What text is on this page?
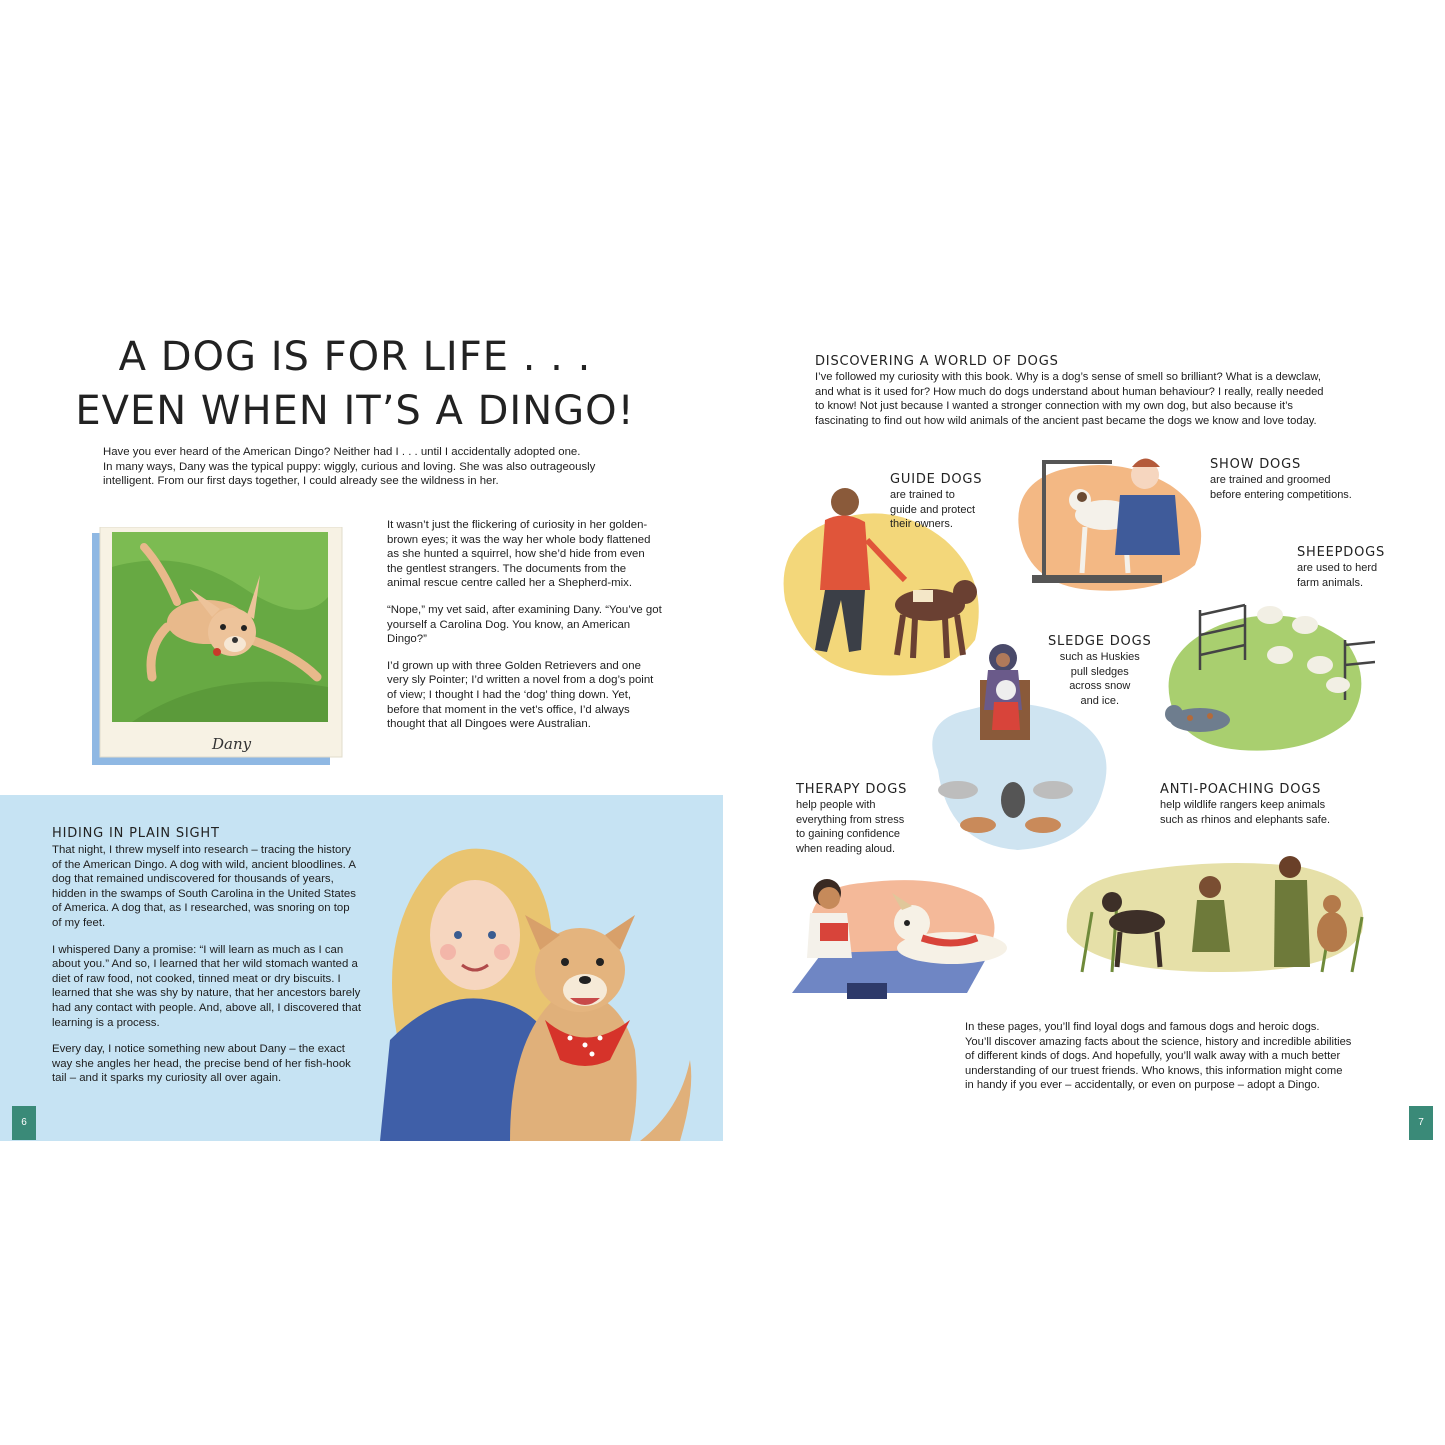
A DOG IS FOR LIFE . . .
EVEN WHEN IT’S A DINGO!
Have you ever heard of the American Dingo? Neither had I . . . until I accidentally adopted one.
In many ways, Dany was the typical puppy: wiggly, curious and loving. She was also outrageously
intelligent. From our first days together, I could already see the wildness in her.
Dany

It wasn’t just the flickering of curiosity in her golden-brown eyes; it was the way her whole body flattened as she hunted a squirrel, how she’d hide from even the gentlest strangers. The documents from the animal rescue centre called her a Shepherd-mix.

“Nope,” my vet said, after examining Dany. “You’ve got yourself a Carolina Dog. You know, an American Dingo?”

I’d grown up with three Golden Retrievers and one very sly Pointer; I’d written a novel from a dog’s point of view; I thought I had the ‘dog’ thing down. Yet, before that moment in the vet’s office, I’d always thought that all Dingoes were Australian.

HIDING IN PLAIN SIGHT

That night, I threw myself into research – tracing the history of the American Dingo. A dog with wild, ancient bloodlines. A dog that remained undiscovered for thousands of years, hidden in the swamps of South Carolina in the United States of America. A dog that, as I researched, was snoring on top of my feet.

I whispered Dany a promise: “I will learn as much as I can about you.” And so, I learned that her wild stomach wanted a diet of raw food, not cooked, tinned meat or dry biscuits. I learned that she was shy by nature, that her ancestors barely had any contact with people. And, above all, I discovered that learning is a process.

Every day, I notice something new about Dany – the exact way she angles her head, the precise bend of her fish-hook tail – and it sparks my curiosity all over again.

6
DISCOVERING A WORLD OF DOGS
I’ve followed my curiosity with this book. Why is a dog’s sense of smell so brilliant? What is a dewclaw,
and what is it used for? How much do dogs understand about human behaviour? I really, really needed
to know! Not just because I wanted a stronger connection with my own dog, but also because it’s
fascinating to find out how wild animals of the ancient past became the dogs we know and love today.
GUIDE DOGS
are trained to
guide and protect
their owners.
SHOW DOGS
are trained and groomed
before entering competitions.
SHEEPDOGS
are used to herd
farm animals.
SLEDGE DOGS
such as Huskies
pull sledges
across snow
and ice.
THERAPY DOGS
help people with
everything from stress
to gaining confidence
when reading aloud.
ANTI-POACHING DOGS
help wildlife rangers keep animals
such as rhinos and elephants safe.
In these pages, you’ll find loyal dogs and famous dogs and heroic dogs.
You’ll discover amazing facts about the science, history and incredible abilities
of different kinds of dogs. And hopefully, you’ll walk away with a much better
understanding of our truest friends. Who knows, this information might come
in handy if you ever – accidentally, or even on purpose – adopt a Dingo.
7
